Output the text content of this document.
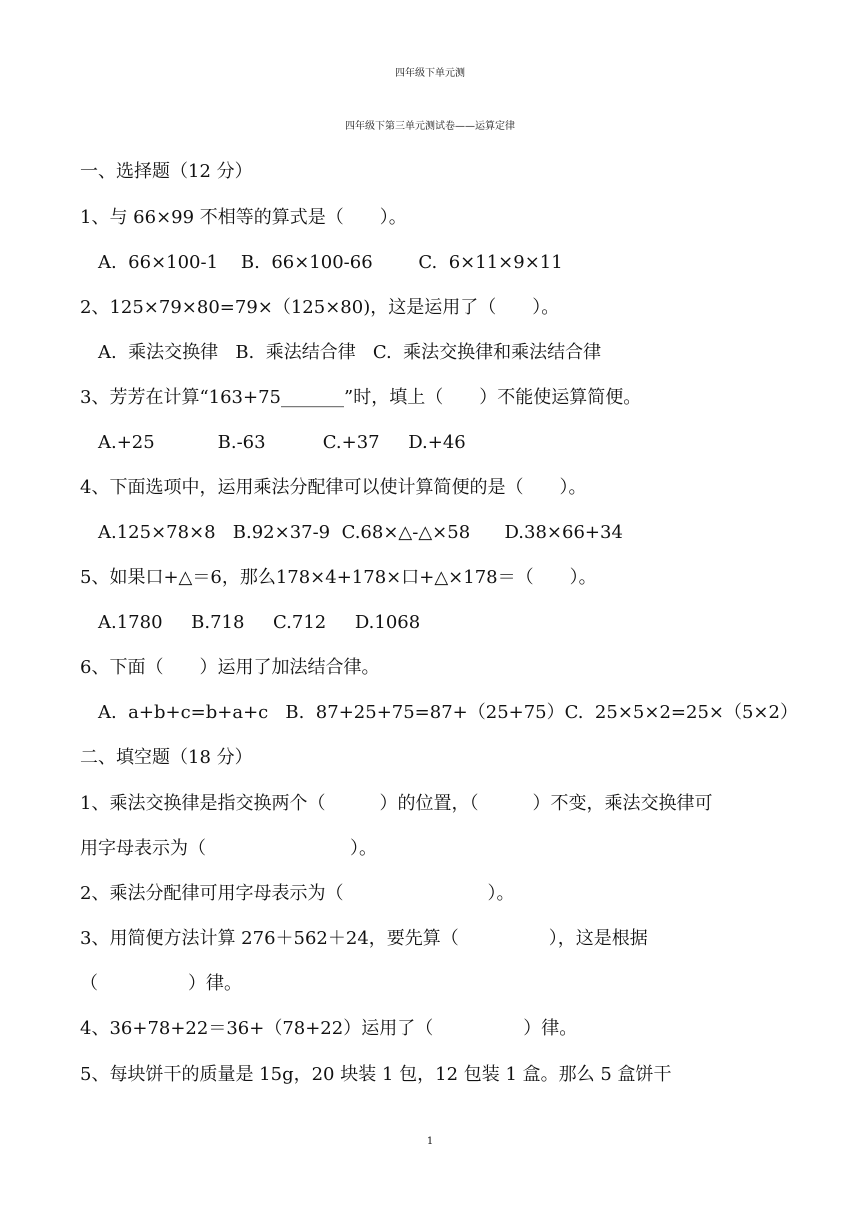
四年级下单元测
四年级下第三单元测试卷——运算定律
一、选择题（12 分）
1、与 66×99 不相等的算式是（　　）。
A.  66×100-1    B.  66×100-66        C.  6×11×9×11
2、125×79×80=79×（125×80)，这是运用了（　　）。
A.  乘法交换律   B.  乘法结合律   C.  乘法交换律和乘法结合律
3、芳芳在计算“163+75_______”时，填上（　　）不能使运算简便。
A.+25           B.-63          C.+37     D.+46
4、下面选项中，运用乘法分配律可以使计算简便的是（　　）。
A.125×78×8   B.92×37-9  C.68×△-△×58      D.38×66+34
5、如果口+△＝6，那么178×4+178×口+△×178＝（　　）。
A.1780     B.718     C.712     D.1068
6、下面（　　）运用了加法结合律。
A.  a+b+c=b+a+c   B.  87+25+75=87+（25+75）C.  25×5×2=25×（5×2）
二、填空题（18 分）
1、乘法交换律是指交换两个（　　　）的位置，（　　　）不变，乘法交换律可
用字母表示为（　　　　　　　　）。
2、乘法分配律可用字母表示为（　　　　　　　　）。
3、用简便方法计算 276＋562＋24，要先算（　　　　　），这是根据
（　　　　　）律。
4、36+78+22＝36+（78+22）运用了（　　　　　）律。
5、每块饼干的质量是 15g，20 块装 1 包，12 包装 1 盒。那么 5 盒饼干
1
